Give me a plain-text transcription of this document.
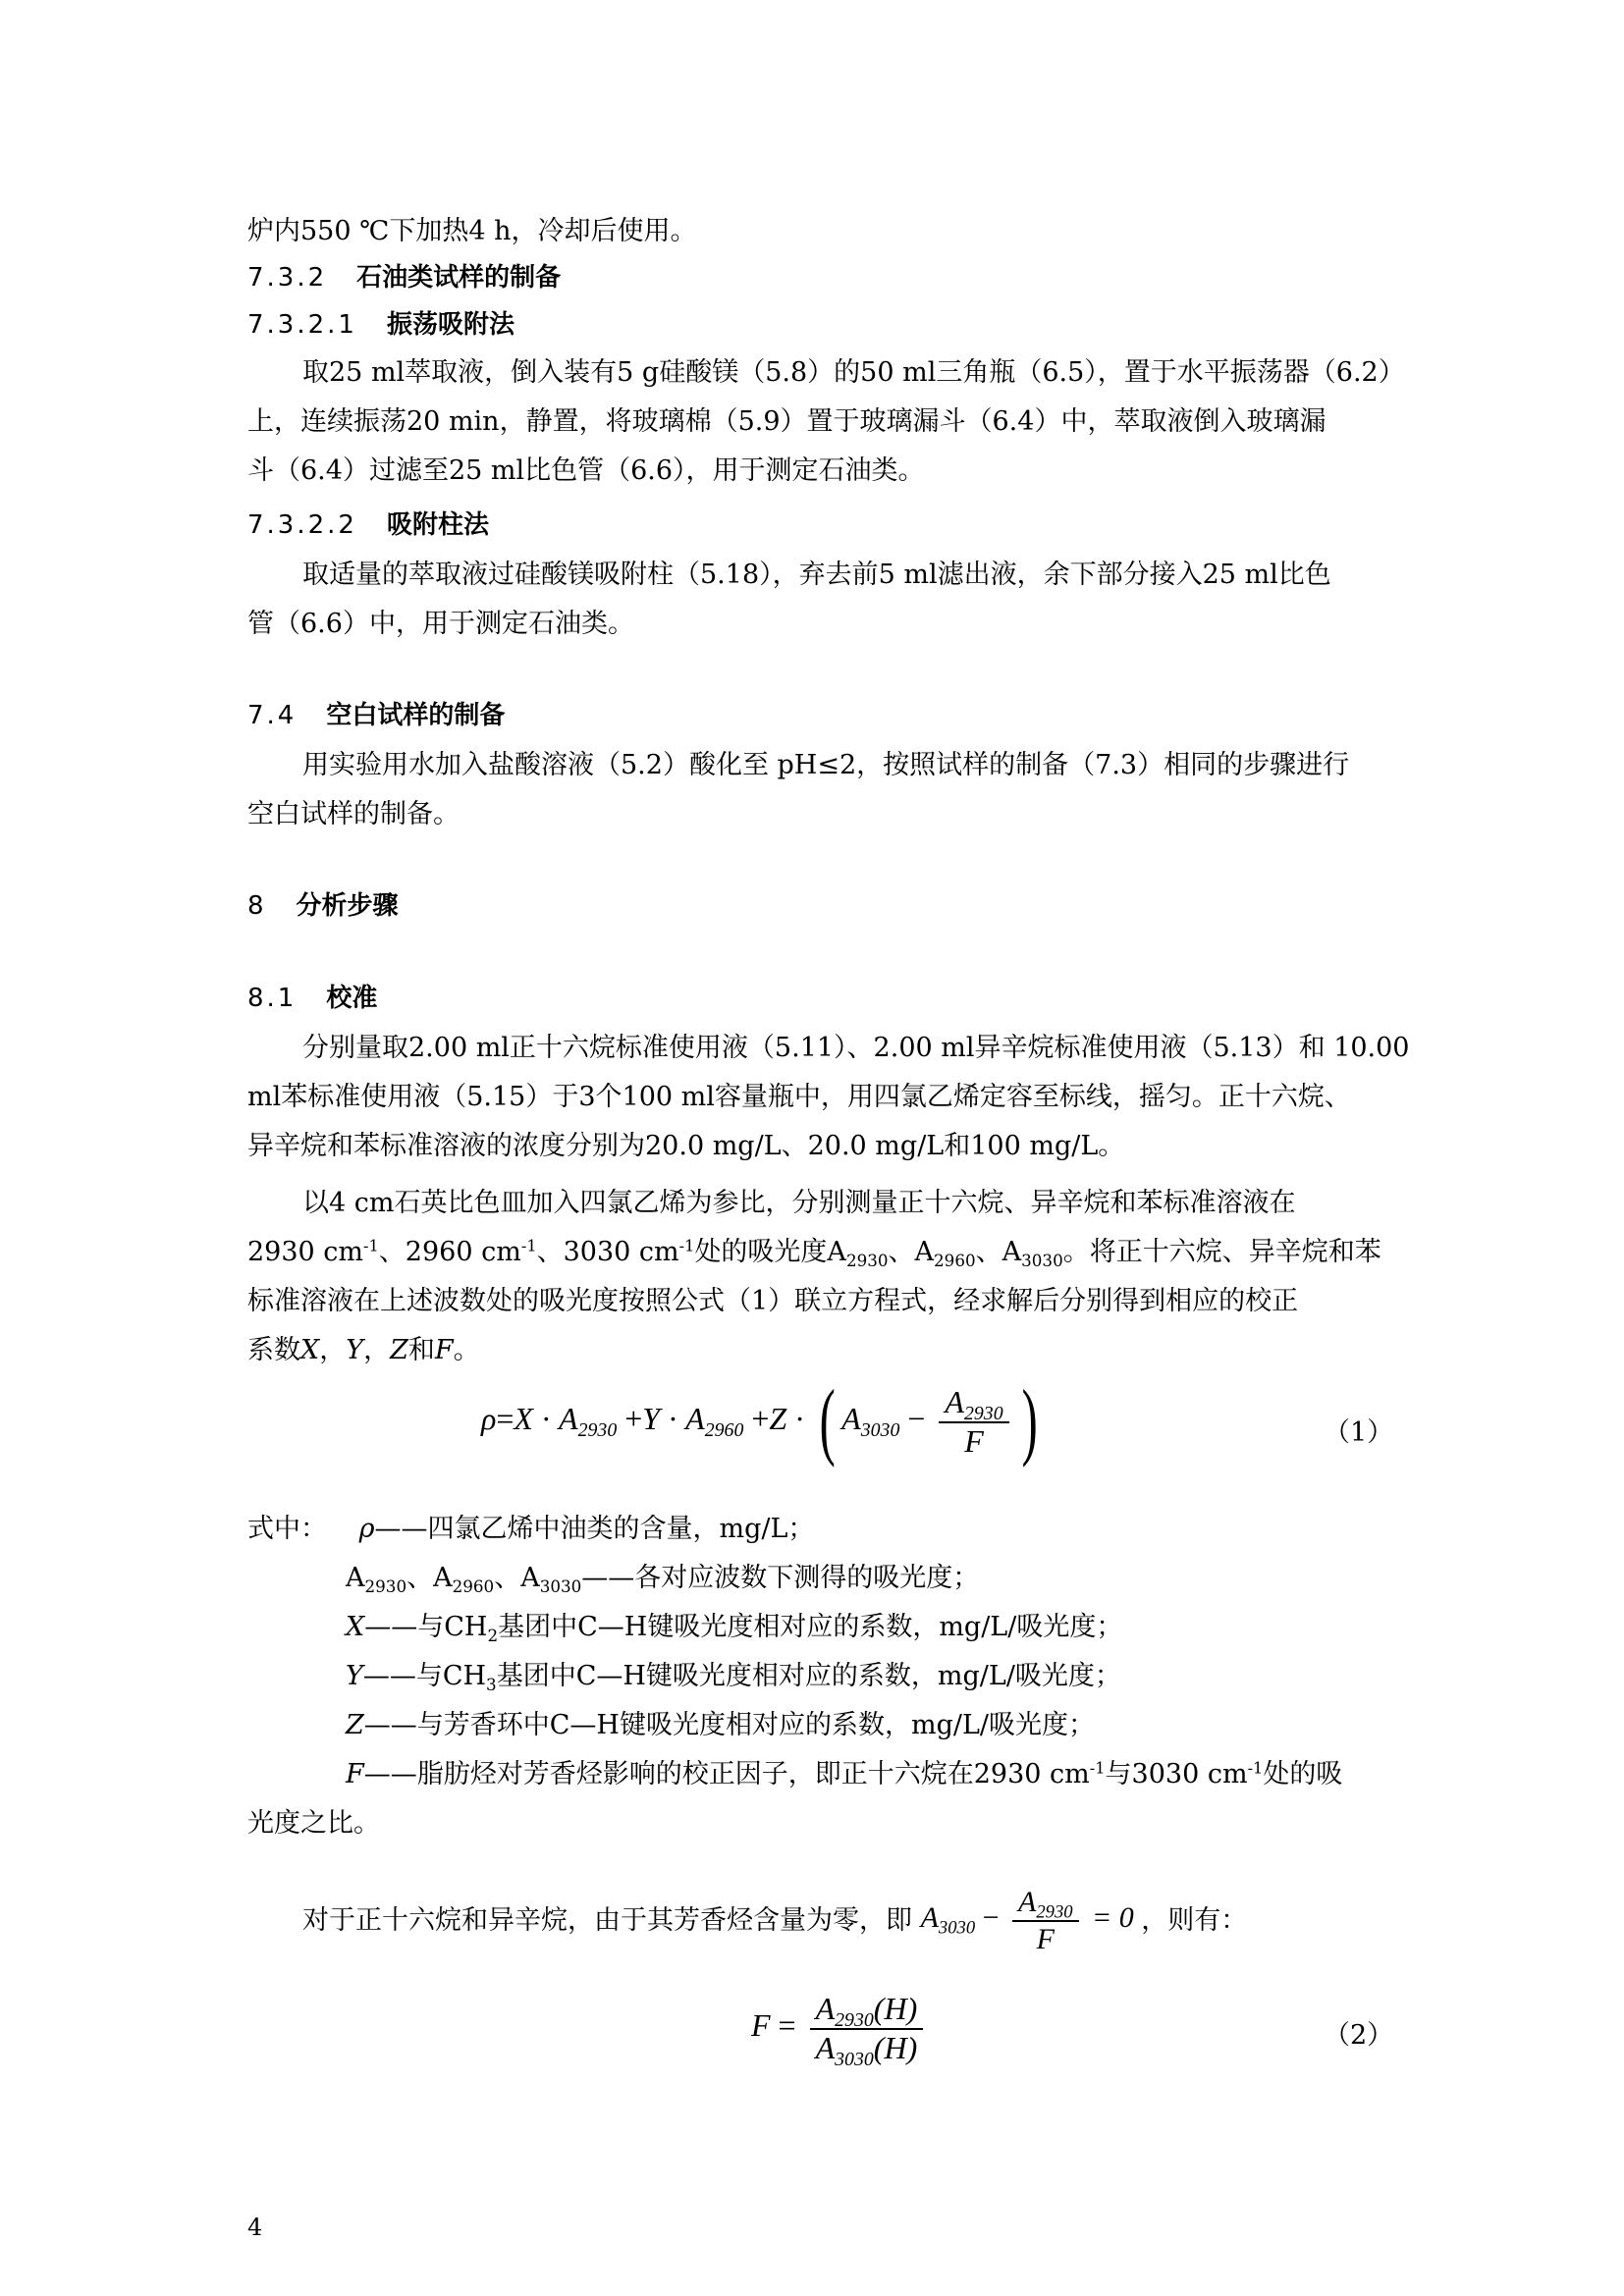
炉内550 ℃下加热4 h，冷却后使用。
7.3.2 石油类试样的制备
7.3.2.1 振荡吸附法
取25 ml萃取液，倒入装有5 g硅酸镁（5.8）的50 ml三角瓶（6.5），置于水平振荡器（6.2）
上，连续振荡20 min，静置，将玻璃棉（5.9）置于玻璃漏斗（6.4）中，萃取液倒入玻璃漏
斗（6.4）过滤至25 ml比色管（6.6），用于测定石油类。
7.3.2.2 吸附柱法
取适量的萃取液过硅酸镁吸附柱（5.18），弃去前5 ml滤出液，余下部分接入25 ml比色
管（6.6）中，用于测定石油类。
7.4 空白试样的制备
用实验用水加入盐酸溶液（5.2）酸化至 pH≤2，按照试样的制备（7.3）相同的步骤进行
空白试样的制备。
8 分析步骤
8.1 校准
分别量取2.00 ml正十六烷标准使用液（5.11）、2.00 ml异辛烷标准使用液（5.13）和 10.00
ml苯标准使用液（5.15）于3个100 ml容量瓶中，用四氯乙烯定容至标线，摇匀。正十六烷、
异辛烷和苯标准溶液的浓度分别为20.0 mg/L、20.0 mg/L和100 mg/L。
以4 cm石英比色皿加入四氯乙烯为参比，分别测量正十六烷、异辛烷和苯标准溶液在
2930 $cm^{-1}$、2960 $cm^{-1}$、3030 $cm^{-1}$处的吸光度$A_{2930}$、$A_{2960}$、$A_{3030}$。将正十六烷、异辛烷和苯
标准溶液在上述波数处的吸光度按照公式（1）联立方程式，经求解后分别得到相应的校正
系数X，Y，Z和F。
$\rho=X \cdot A_{2930} +Y \cdot A_{2960} +Z$ · ( $A_{3030} - \frac{A_{2930}}{F}$ )	（1）
式中： ρ——四氯乙烯中油类的含量，mg/L；
$A_{2930}$、$A_{2960}$、$A_{3030}——$各对应波数下测得的吸光度；
X——与$CH_2$基团中C—H键吸光度相对应的系数，mg/L/吸光度；
Y——与$CH_3$基团中C—H键吸光度相对应的系数，mg/L/吸光度；
Z——与芳香环中C—H键吸光度相对应的系数，mg/L/吸光度；
F——脂肪烃对芳香烃影响的校正因子，即正十六烷在2930 $cm^{-1}$与3030 $cm^{-1}$处的吸
光度之比。
对于正十六烷和异辛烷，由于其芳香烃含量为零，即 $A_{3030} - \frac{A_{2930}}{F} = 0$ ，则有：
$F = \frac{A_{2930}(H)}{A_{3030}(H)}$	（2）
4
